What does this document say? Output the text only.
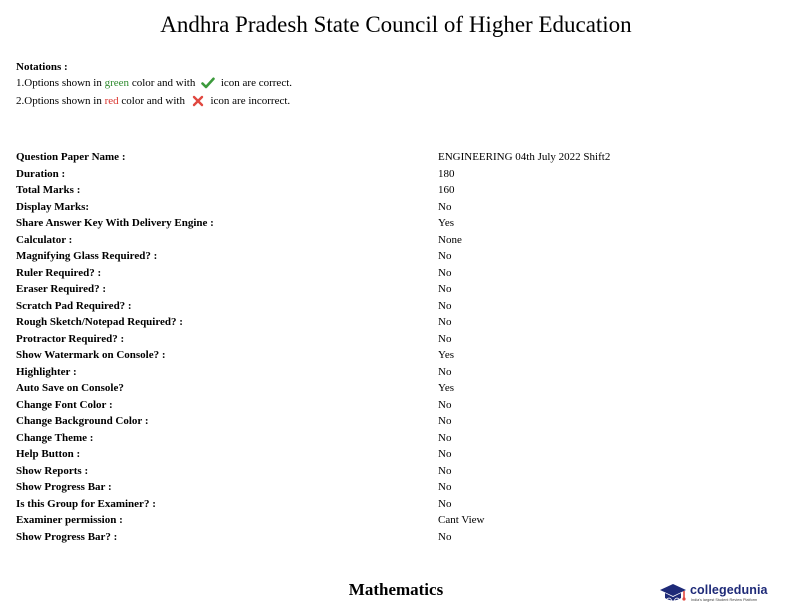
Andhra Pradesh State Council of Higher Education
Notations :
1.Options shown in green color and with icon are correct.
2.Options shown in red color and with icon are incorrect.
Question Paper Name :	ENGINEERING 04th July 2022 Shift2
Duration :	180
Total Marks :	160
Display Marks:	No
Share Answer Key With Delivery Engine :	Yes
Calculator :	None
Magnifying Glass Required? :	No
Ruler Required? :	No
Eraser Required? :	No
Scratch Pad Required? :	No
Rough Sketch/Notepad Required? :	No
Protractor Required? :	No
Show Watermark on Console? :	Yes
Highlighter :	No
Auto Save on Console?	Yes
Change Font Color :	No
Change Background Color :	No
Change Theme :	No
Help Button :	No
Show Reports :	No
Show Progress Bar :	No
Is this Group for Examiner? :	No
Examiner permission :	Cant View
Show Progress Bar? :	No
Mathematics	collegedunia
India's largest Student Review Platform
